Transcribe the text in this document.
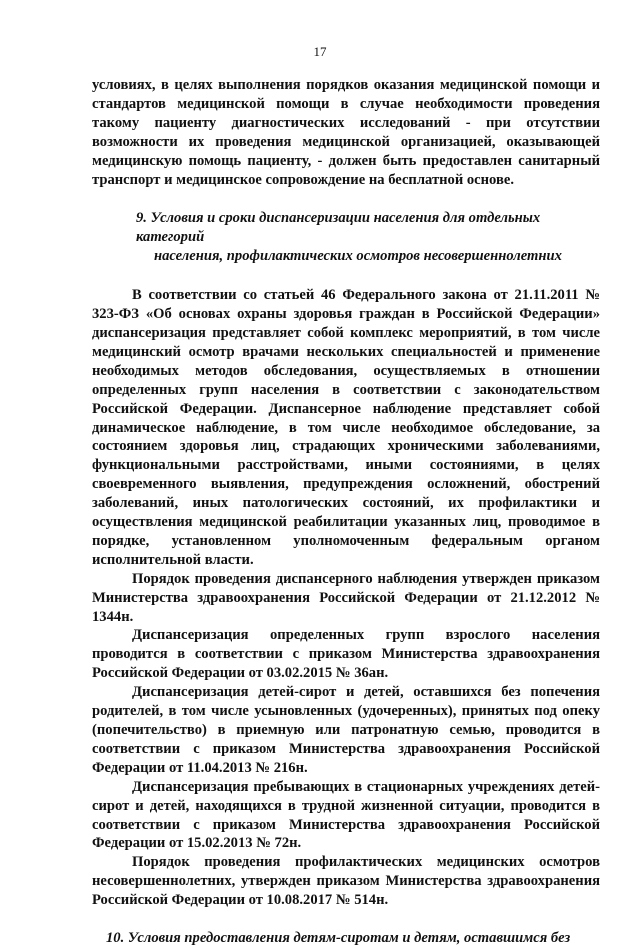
17

условиях, в целях выполнения порядков оказания медицинской помощи и стандартов медицинской помощи в случае необходимости проведения такому пациенту диагностических исследований - при отсутствии возможности их проведения медицинской организацией, оказывающей медицинскую помощь пациенту, - должен быть предоставлен санитарный транспорт и медицинское сопровождение на бесплатной основе.

9. Условия и сроки диспансеризации населения для отдельных категорий
населения, профилактических осмотров несовершеннолетних

В соответствии со статьей 46 Федерального закона от 21.11.2011 № 323-ФЗ «Об основах охраны здоровья граждан в Российской Федерации» диспансеризация представляет собой комплекс мероприятий, в том числе медицинский осмотр врачами нескольких специальностей и применение необходимых методов обследования, осуществляемых в отношении определенных групп населения в соответствии с законодательством Российской Федерации. Диспансерное наблюдение представляет собой динамическое наблюдение, в том числе необходимое обследование, за состоянием здоровья лиц, страдающих хроническими заболеваниями, функциональными расстройствами, иными состояниями, в целях своевременного выявления, предупреждения осложнений, обострений заболеваний, иных патологических состояний, их профилактики и осуществления медицинской реабилитации указанных лиц, проводимое в порядке, установленном уполномоченным федеральным органом исполнительной власти.

Порядок проведения диспансерного наблюдения утвержден приказом Министерства здравоохранения Российской Федерации от 21.12.2012 № 1344н.

Диспансеризация определенных групп взрослого населения проводится в соответствии с приказом Министерства здравоохранения Российской Федерации от 03.02.2015 № 36ан.

Диспансеризация детей-сирот и детей, оставшихся без попечения родителей, в том числе усыновленных (удочеренных), принятых под опеку (попечительство) в приемную или патронатную семью, проводится в соответствии с приказом Министерства здравоохранения Российской Федерации от 11.04.2013 № 216н.

Диспансеризация пребывающих в стационарных учреждениях детей-сирот и детей, находящихся в трудной жизненной ситуации, проводится в соответствии с приказом Министерства здравоохранения Российской Федерации от 15.02.2013 № 72н.

Порядок проведения профилактических медицинских осмотров несовершеннолетних, утвержден приказом Министерства здравоохранения Российской Федерации от 10.08.2017 № 514н.

10. Условия предоставления детям-сиротам и детям, оставшимся без
